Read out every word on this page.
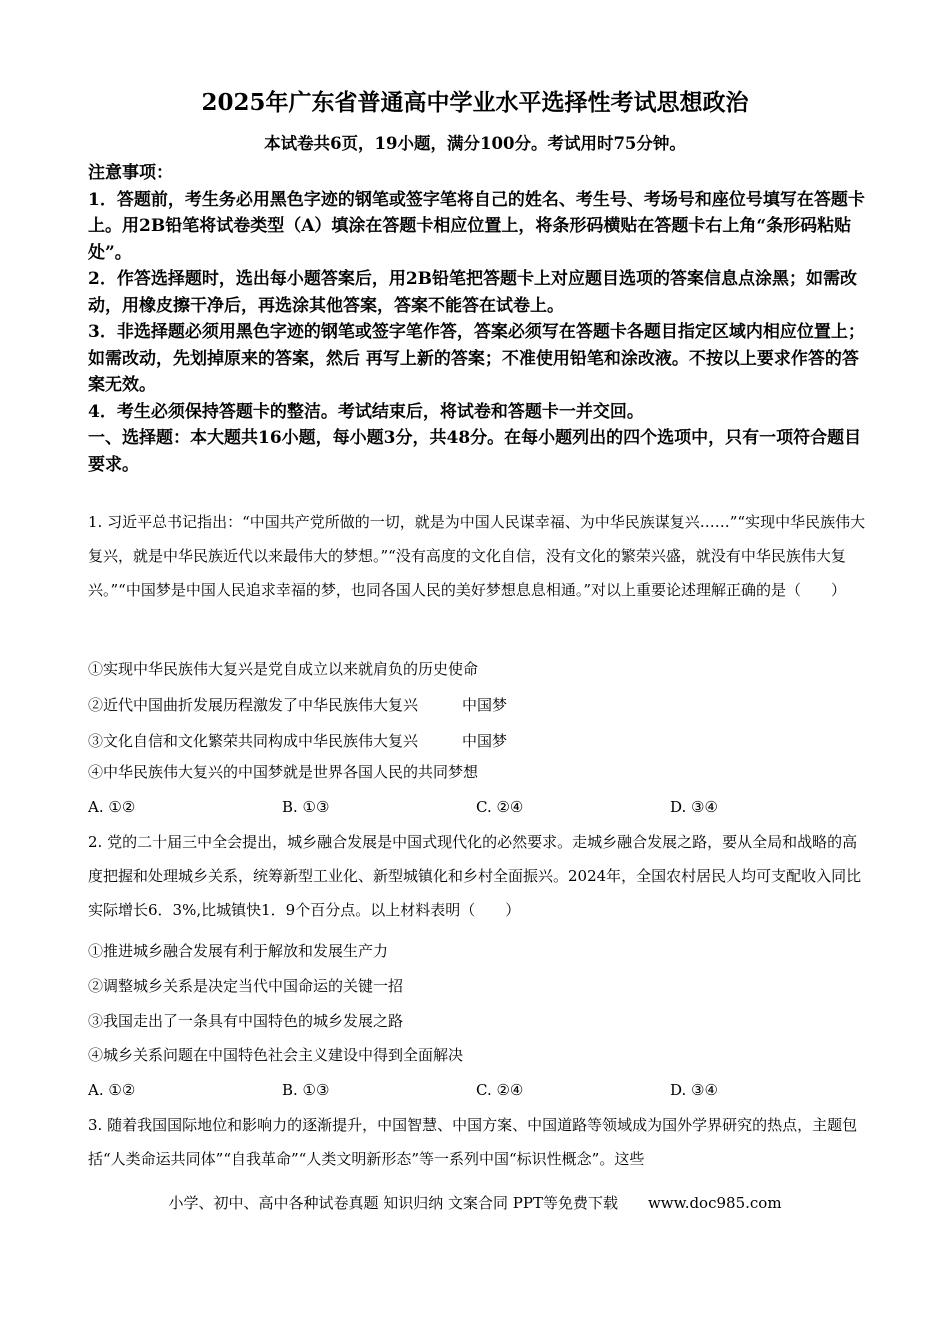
2025年广东省普通高中学业水平选择性考试思想政治
本试卷共6页，19小题，满分100分。考试用时75分钟。

注意事项：

1．答题前，考生务必用黑色字迹的钢笔或签字笔将自己的姓名、考生号、考场号和座位号填写在答题卡上。用2B铅笔将试卷类型（A）填涂在答题卡相应位置上，将条形码横贴在答题卡右上角“条形码粘贴处”。

2．作答选择题时，选出每小题答案后，用2B铅笔把答题卡上对应题目选项的答案信息点涂黑；如需改动，用橡皮擦干净后，再选涂其他答案，答案不能答在试卷上。

3．非选择题必须用黑色字迹的钢笔或签字笔作答，答案必须写在答题卡各题目指定区域内相应位置上；如需改动，先划掉原来的答案，然后 再写上新的答案；不准使用铅笔和涂改液。不按以上要求作答的答案无效。

4．考生必须保持答题卡的整洁。考试结束后，将试卷和答题卡一并交回。

一、选择题：本大题共16小题，每小题3分，共48分。在每小题列出的四个选项中，只有一项符合题目要求。

1. 习近平总书记指出：“中国共产党所做的一切，就是为中国人民谋幸福、为中华民族谋复兴……”“实现中华民族伟大复兴，就是中华民族近代以来最伟大的梦想。”“没有高度的文化自信，没有文化的繁荣兴盛，就没有中华民族伟大复兴。”“中国梦是中国人民追求幸福的梦，也同各国人民的美好梦想息息相通。”对以上重要论述理解正确的是（　　）

①实现中华民族伟大复兴是党自成立以来就肩负的历史使命
②近代中国曲折发展历程激发了中华民族伟大复兴	中国梦
③文化自信和文化繁荣共同构成中华民族伟大复兴	中国梦
④中华民族伟大复兴的中国梦就是世界各国人民的共同梦想
A. ①②	B. ①③	C. ②④	D. ③④

2. 党的二十届三中全会提出，城乡融合发展是中国式现代化的必然要求。走城乡融合发展之路，要从全局和战略的高度把握和处理城乡关系，统筹新型工业化、新型城镇化和乡村全面振兴。2024年，全国农村居民人均可支配收入同比实际增长6．3%,比城镇快1．9个百分点。以上材料表明（　　）

①推进城乡融合发展有利于解放和发展生产力
②调整城乡关系是决定当代中国命运的关键一招
③我国走出了一条具有中国特色的城乡发展之路
④城乡关系问题在中国特色社会主义建设中得到全面解决
A. ①②	B. ①③	C. ②④	D. ③④

3. 随着我国国际地位和影响力的逐渐提升，中国智慧、中国方案、中国道路等领域成为国外学界研究的热点，主题包括“人类命运共同体”“自我革命”“人类文明新形态”等一系列中国“标识性概念”。这些

小学、初中、高中各种试卷真题 知识归纳 文案合同 PPT等免费下载　　www.doc985.com
